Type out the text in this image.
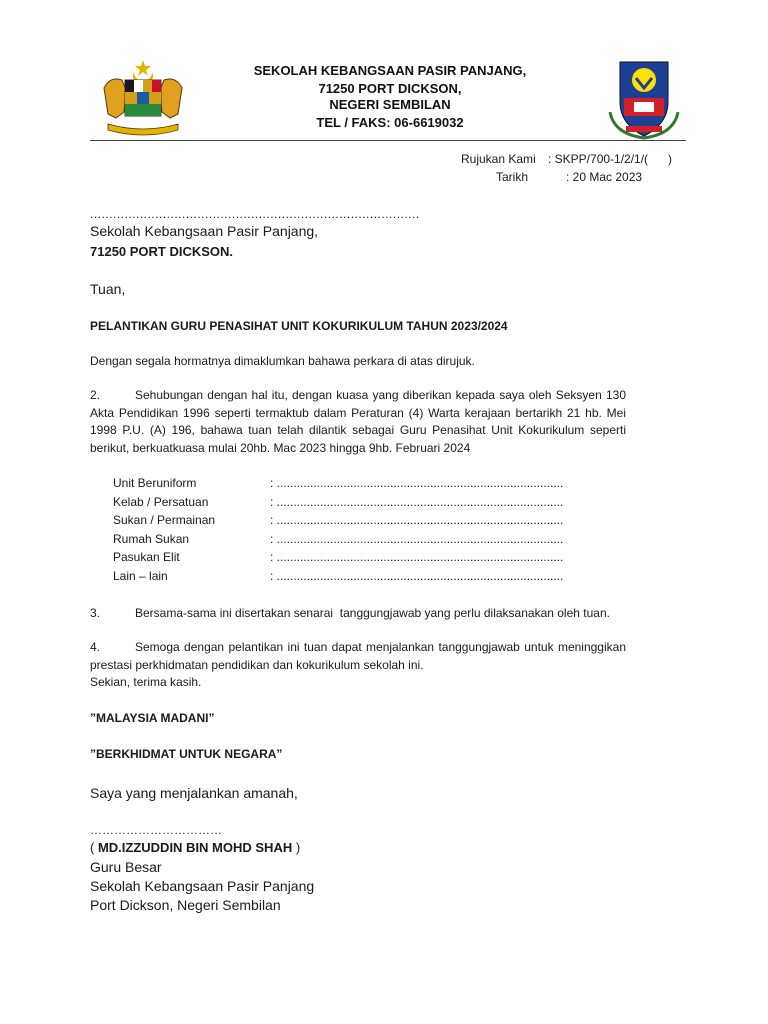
SEKOLAH KEBANGSAAN PASIR PANJANG,
71250 PORT DICKSON,
NEGERI SEMBILAN
TEL / FAKS: 06-6619032
Rujukan Kami : SKPP/700-1/2/1/(      )
Tarikh	: 20 Mac 2023
......................................................................................
Sekolah Kebangsaan Pasir Panjang,
71250 PORT DICKSON.
Tuan,
PELANTIKAN GURU PENASIHAT UNIT KOKURIKULUM TAHUN 2023/2024
Dengan segala hormatnya dimaklumkan bahawa perkara di atas dirujuk.
2.	Sehubungan dengan hal itu, dengan kuasa yang diberikan kepada saya oleh Seksyen 130 Akta Pendidikan 1996 seperti termaktub dalam Peraturan (4) Warta kerajaan bertarikh 21 hb. Mei 1998 P.U. (A) 196, bahawa tuan telah dilantik sebagai Guru Penasihat Unit Kokurikulum seperti berikut, berkuatkuasa mulai 20hb. Mac 2023 hingga 9hb. Februari 2024
Unit Beruniform	: ......................................................................................
Kelab / Persatuan	: ......................................................................................
Sukan / Permainan	: ......................................................................................
Rumah Sukan	: ......................................................................................
Pasukan Elit	: ......................................................................................
Lain – lain	: ......................................................................................
3.	Bersama-sama ini disertakan senarai  tanggungjawab yang perlu dilaksanakan oleh tuan.
4.	Semoga dengan pelantikan ini tuan dapat menjalankan tanggungjawab untuk meninggikan prestasi perkhidmatan pendidikan dan kokurikulum sekolah ini.
Sekian, terima kasih.
”MALAYSIA MADANI”
”BERKHIDMAT UNTUK NEGARA”
Saya yang menjalankan amanah,
……………………………
( MD.IZZUDDIN BIN MOHD SHAH )
Guru Besar
Sekolah Kebangsaan Pasir Panjang
Port Dickson, Negeri Sembilan
